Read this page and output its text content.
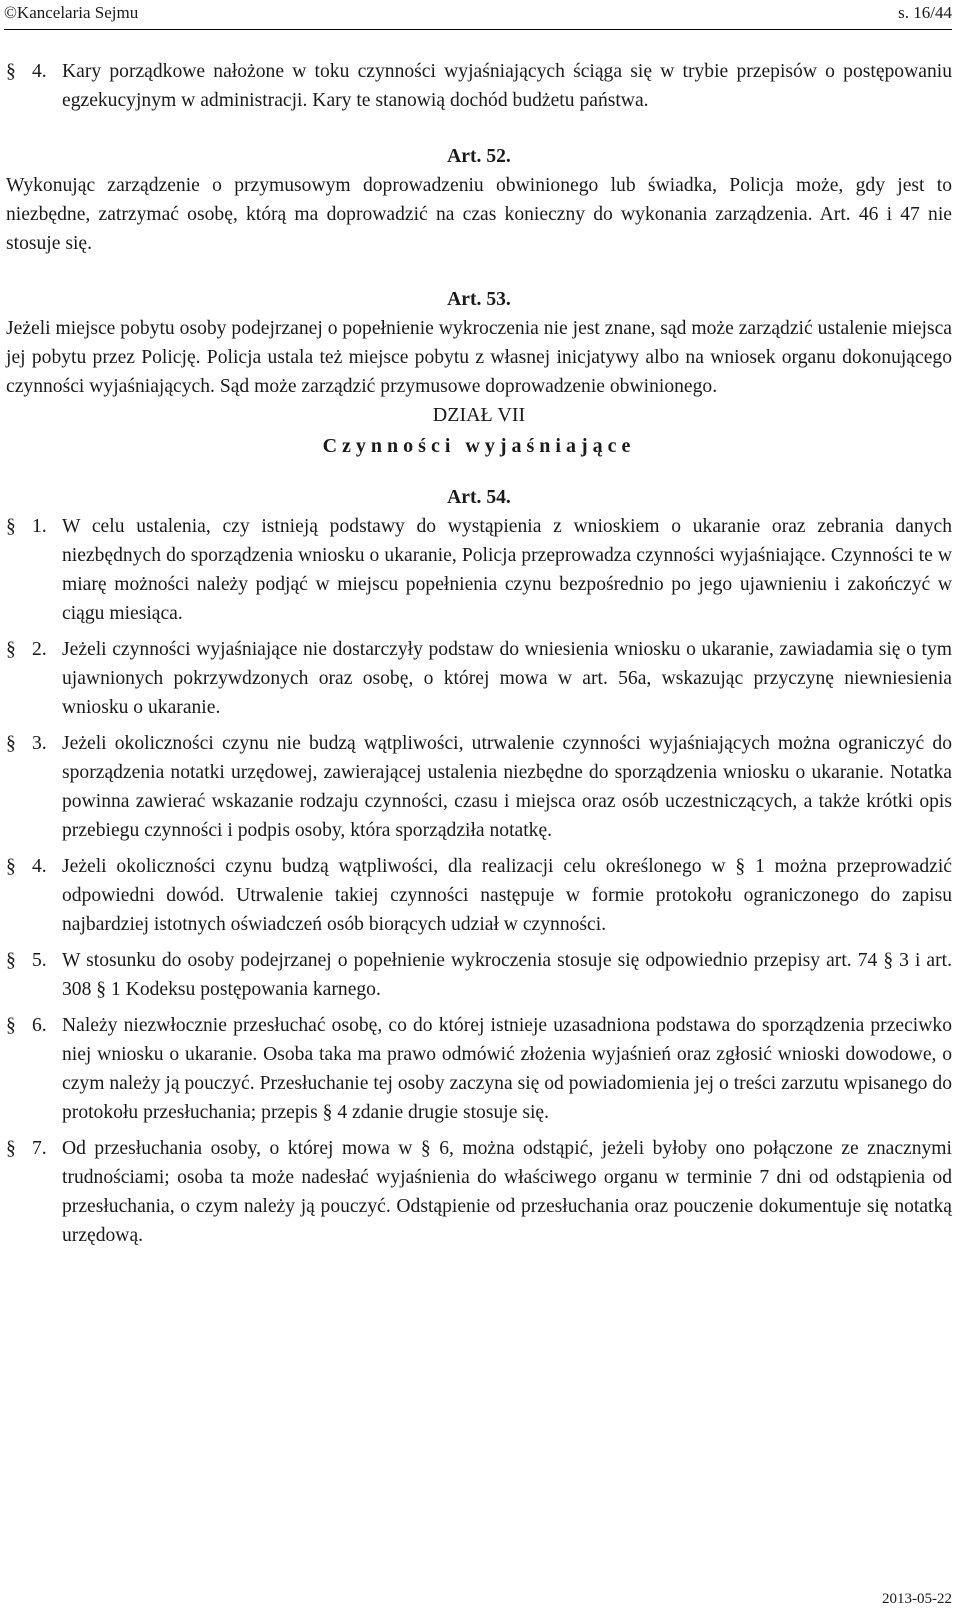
©Kancelaria Sejmu	s. 16/44

§ 4. Kary porządkowe nałożone w toku czynności wyjaśniających ściąga się w trybie przepisów o postępowaniu egzekucyjnym w administracji. Kary te stanowią dochód budżetu państwa.

Art. 52.

Wykonując zarządzenie o przymusowym doprowadzeniu obwinionego lub świadka, Policja może, gdy jest to niezbędne, zatrzymać osobę, którą ma doprowadzić na czas konieczny do wykonania zarządzenia. Art. 46 i 47 nie stosuje się.

Art. 53.

Jeżeli miejsce pobytu osoby podejrzanej o popełnienie wykroczenia nie jest znane, sąd może zarządzić ustalenie miejsca jej pobytu przez Policję. Policja ustala też miejsce pobytu z własnej inicjatywy albo na wniosek organu dokonującego czynności wyjaśniających. Sąd może zarządzić przymusowe doprowadzenie obwinionego.

DZIAŁ VII

Czynności wyjaśniające

Art. 54.

§ 1. W celu ustalenia, czy istnieją podstawy do wystąpienia z wnioskiem o ukaranie oraz zebrania danych niezbędnych do sporządzenia wniosku o ukaranie, Policja przeprowadza czynności wyjaśniające. Czynności te w miarę możności należy podjąć w miejscu popełnienia czynu bezpośrednio po jego ujawnieniu i zakończyć w ciągu miesiąca.

§ 2. Jeżeli czynności wyjaśniające nie dostarczyły podstaw do wniesienia wniosku o ukaranie, zawiadamia się o tym ujawnionych pokrzywdzonych oraz osobę, o której mowa w art. 56a, wskazując przyczynę niewniesienia wniosku o ukaranie.

§ 3. Jeżeli okoliczności czynu nie budzą wątpliwości, utrwalenie czynności wyjaśniających można ograniczyć do sporządzenia notatki urzędowej, zawierającej ustalenia niezbędne do sporządzenia wniosku o ukaranie. Notatka powinna zawierać wskazanie rodzaju czynności, czasu i miejsca oraz osób uczestniczących, a także krótki opis przebiegu czynności i podpis osoby, która sporządziła notatkę.

§ 4. Jeżeli okoliczności czynu budzą wątpliwości, dla realizacji celu określonego w § 1 można przeprowadzić odpowiedni dowód. Utrwalenie takiej czynności następuje w formie protokołu ograniczonego do zapisu najbardziej istotnych oświadczeń osób biorących udział w czynności.

§ 5. W stosunku do osoby podejrzanej o popełnienie wykroczenia stosuje się odpowiednio przepisy art. 74 § 3 i art. 308 § 1 Kodeksu postępowania karnego.

§ 6. Należy niezwłocznie przesłuchać osobę, co do której istnieje uzasadniona podstawa do sporządzenia przeciwko niej wniosku o ukaranie. Osoba taka ma prawo odmówić złożenia wyjaśnień oraz zgłosić wnioski dowodowe, o czym należy ją pouczyć. Przesłuchanie tej osoby zaczyna się od powiadomienia jej o treści zarzutu wpisanego do protokołu przesłuchania; przepis § 4 zdanie drugie stosuje się.

§ 7. Od przesłuchania osoby, o której mowa w § 6, można odstąpić, jeżeli byłoby ono połączone ze znacznymi trudnościami; osoba ta może nadesłać wyjaśnienia do właściwego organu w terminie 7 dni od odstąpienia od przesłuchania, o czym należy ją pouczyć. Odstąpienie od przesłuchania oraz pouczenie dokumentuje się notatką urzędową.

2013-05-22
